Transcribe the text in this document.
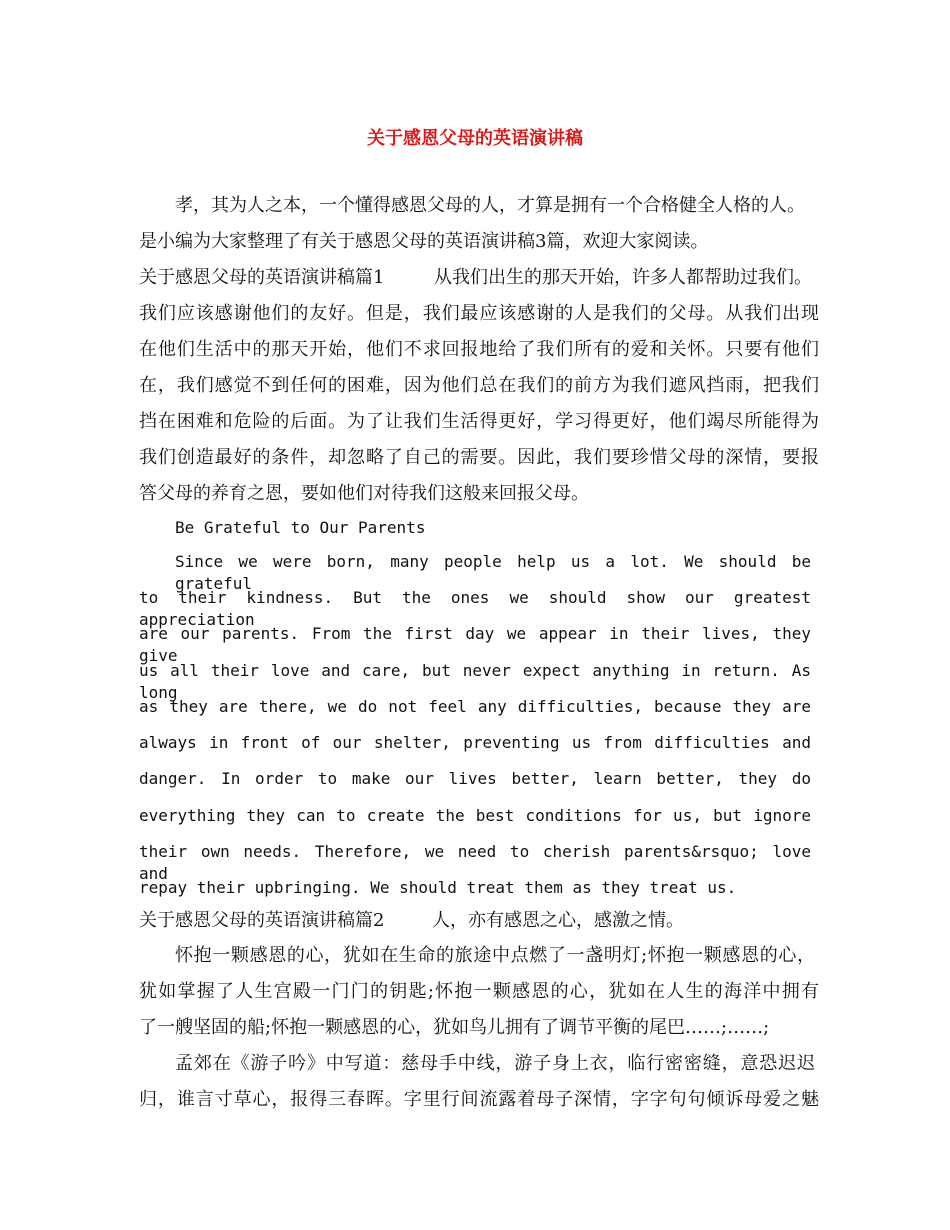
关于感恩父母的英语演讲稿
孝，其为人之本，一个懂得感恩父母的人，才算是拥有一个合格健全人格的人。
是小编为大家整理了有关于感恩父母的英语演讲稿3篇，欢迎大家阅读。
关于感恩父母的英语演讲稿篇1	从我们出生的那天开始，许多人都帮助过我们。
我们应该感谢他们的友好。但是，我们最应该感谢的人是我们的父母。从我们出现
在他们生活中的那天开始，他们不求回报地给了我们所有的爱和关怀。只要有他们
在，我们感觉不到任何的困难，因为他们总在我们的前方为我们遮风挡雨，把我们
挡在困难和危险的后面。为了让我们生活得更好，学习得更好，他们竭尽所能得为
我们创造最好的条件，却忽略了自己的需要。因此，我们要珍惜父母的深情，要报
答父母的养育之恩，要如他们对待我们这般来回报父母。
Be Grateful to Our Parents
Since we were born, many people help us a lot. We should be grateful
to their kindness. But the ones we should show our greatest appreciation
are our parents. From the first day we appear in their lives, they give
us all their love and care, but never expect anything in return. As long
as they are there, we do not feel any difficulties, because they are
always in front of our shelter, preventing us from difficulties and
danger. In order to make our lives better, learn better, they do
everything they can to create the best conditions for us, but ignore
their own needs. Therefore, we need to cherish parents&rsquo; love and
repay their upbringing. We should treat them as they treat us.
关于感恩父母的英语演讲稿篇2	人，亦有感恩之心，感激之情。
怀抱一颗感恩的心，犹如在生命的旅途中点燃了一盏明灯;怀抱一颗感恩的心，
犹如掌握了人生宫殿一门门的钥匙;怀抱一颗感恩的心，犹如在人生的海洋中拥有
了一艘坚固的船;怀抱一颗感恩的心，犹如鸟儿拥有了调节平衡的尾巴……;……;
孟郊在《游子吟》中写道：慈母手中线，游子身上衣，临行密密缝，意恐迟迟
归，谁言寸草心，报得三春晖。字里行间流露着母子深情，字字句句倾诉母爱之魅
